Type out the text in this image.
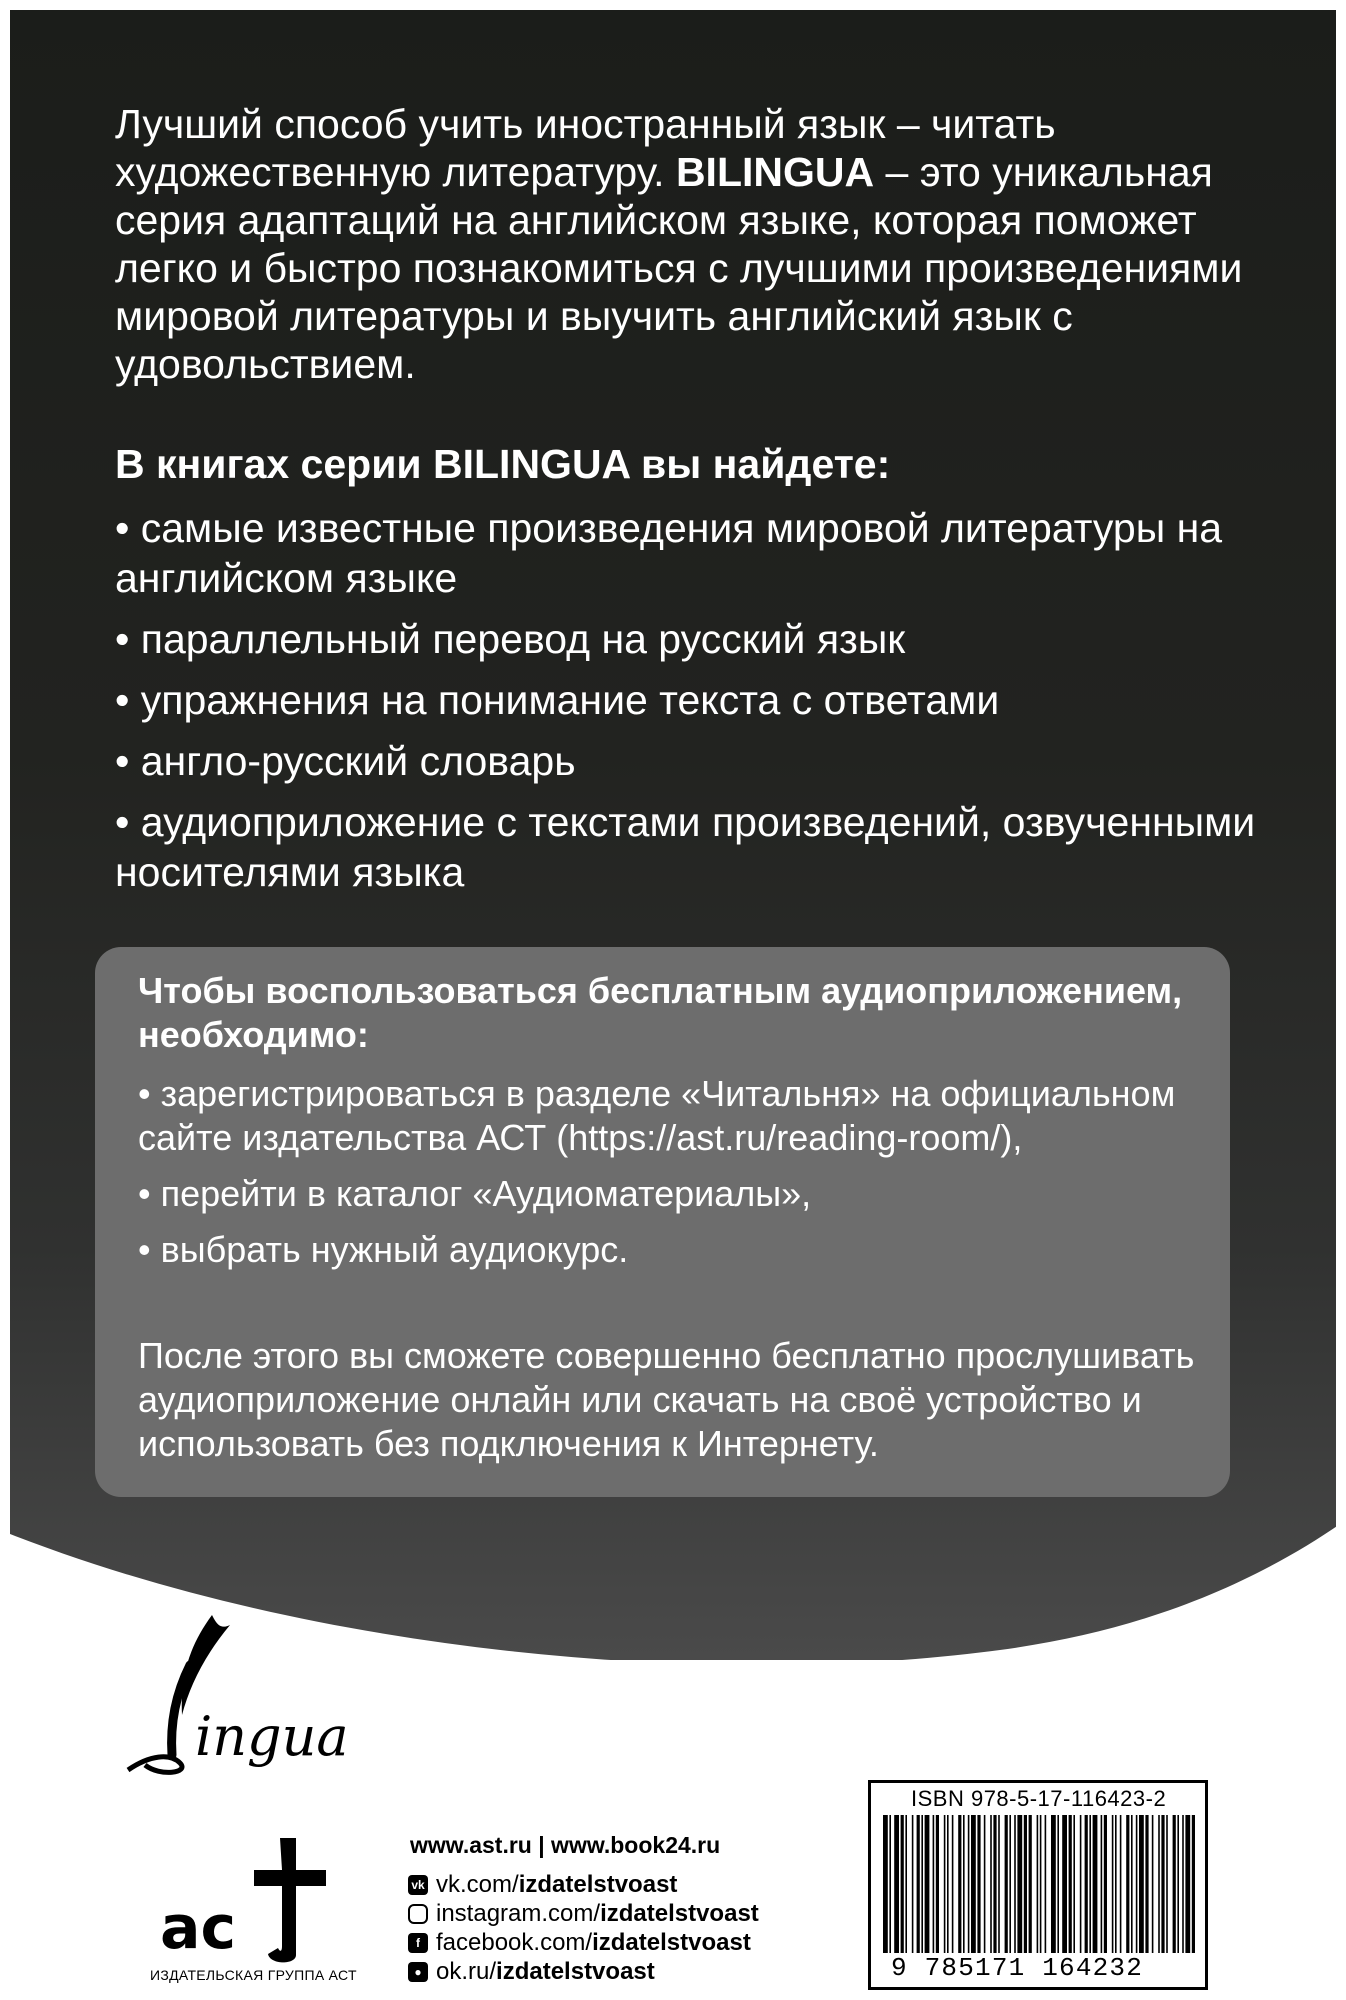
Лучший способ учить иностранный язык – читать художественную литературу. BILINGUA – это уникальная серия адаптаций на английском языке, которая поможет легко и быстро познакомиться с лучшими произведениями мировой литературы и выучить английский язык с удовольствием.

В книгах серии BILINGUA вы найдете:
• самые известные произведения мировой литературы на английском языке
• параллельный перевод на русский язык
• упражнения на понимание текста с ответами
• англо-русский словарь
• аудиоприложение с текстами произведений, озвученными носителями языка
Чтобы воспользоваться бесплатным аудиоприложением, необходимо:
• зарегистрироваться в разделе «Читальня» на официальном сайте издательства АСТ (https://ast.ru/reading-room/),
• перейти в каталог «Аудиоматериалы»,
• выбрать нужный аудиокурс.

После этого вы сможете совершенно бесплатно прослушивать аудиоприложение онлайн или скачать на своё устройство и использовать без подключения к Интернету.

ingua
ac
ИЗДАТЕЛЬСКАЯ ГРУППА АСТ
www.ast.ru | www.book24.ru
vk vk.com/ izdatelstvoast
instagram.com/ izdatelstvoast
f facebook.com/ izdatelstvoast
● ok.ru/ izdatelstvoast
ISBN 978-5-17-116423-2
9 785171 164232
